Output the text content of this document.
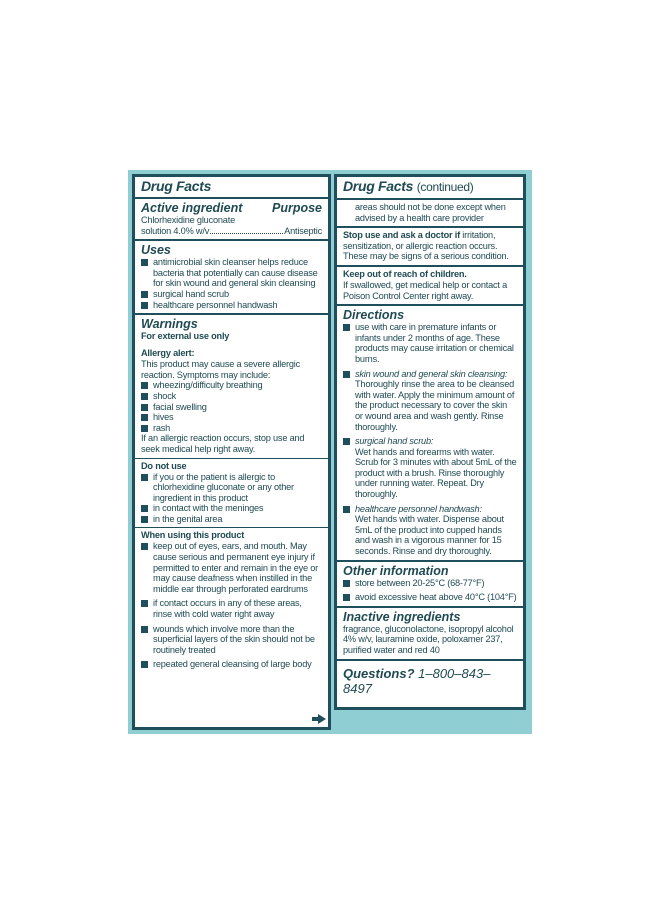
Drug Facts
Active ingredient Purpose
Chlorhexidine gluconate
solution 4.0% w/v	Antiseptic
Uses
antimicrobial skin cleanser helps reduce bacteria that potentially can cause disease
for skin wound and general skin cleansing
surgical hand scrub
healthcare personnel handwash
Warnings
For external use only
Allergy alert:
This product may cause a severe allergic reaction. Symptoms may include:
wheezing/difficulty breathing
shock
facial swelling
hives
rash
If an allergic reaction occurs, stop use and seek medical help right away.
Do not use
if you or the patient is allergic to chlorhexidine gluconate or any other ingredient in this product
in contact with the meninges
in the genital area
When using this product
keep out of eyes, ears, and mouth. May cause serious and permanent eye injury if permitted to enter and remain in the eye or may cause deafness when instilled in the middle ear through perforated eardrums
if contact occurs in any of these areas, rinse with cold water right away
wounds which involve more than the superficial layers of the skin should not be routinely treated
repeated general cleansing of large body
Drug Facts (continued)
areas should not be done except when advised by a health care provider
Stop use and ask a doctor if irritation, sensitization, or allergic reaction occurs. These may be signs of a serious condition.
Keep out of reach of children.
If swallowed, get medical help or contact a Poison Control Center right away.
Directions
use with care in premature infants or infants under 2 months of age. These products may cause irritation or chemical burns.
skin wound and general skin cleansing:
Thoroughly rinse the area to be cleansed with water. Apply the minimum amount of the product necessary to cover the skin or wound area and wash gently. Rinse thoroughly.
surgical hand scrub:
Wet hands and forearms with water. Scrub for 3 minutes with about 5mL of the product with a brush. Rinse thoroughly under running water. Repeat. Dry thoroughly.
healthcare personnel handwash:
Wet hands with water. Dispense about 5mL of the product into cupped hands and wash in a vigorous manner for 15 seconds. Rinse and dry thoroughly.
Other information
store between 20-25°C (68-77°F)
avoid excessive heat above 40°C (104°F)
Inactive ingredients
fragrance, gluconolactone, isopropyl alcohol 4% w/v, lauramine oxide, poloxamer 237, purified water and red 40
Questions? 1–800–843–8497
